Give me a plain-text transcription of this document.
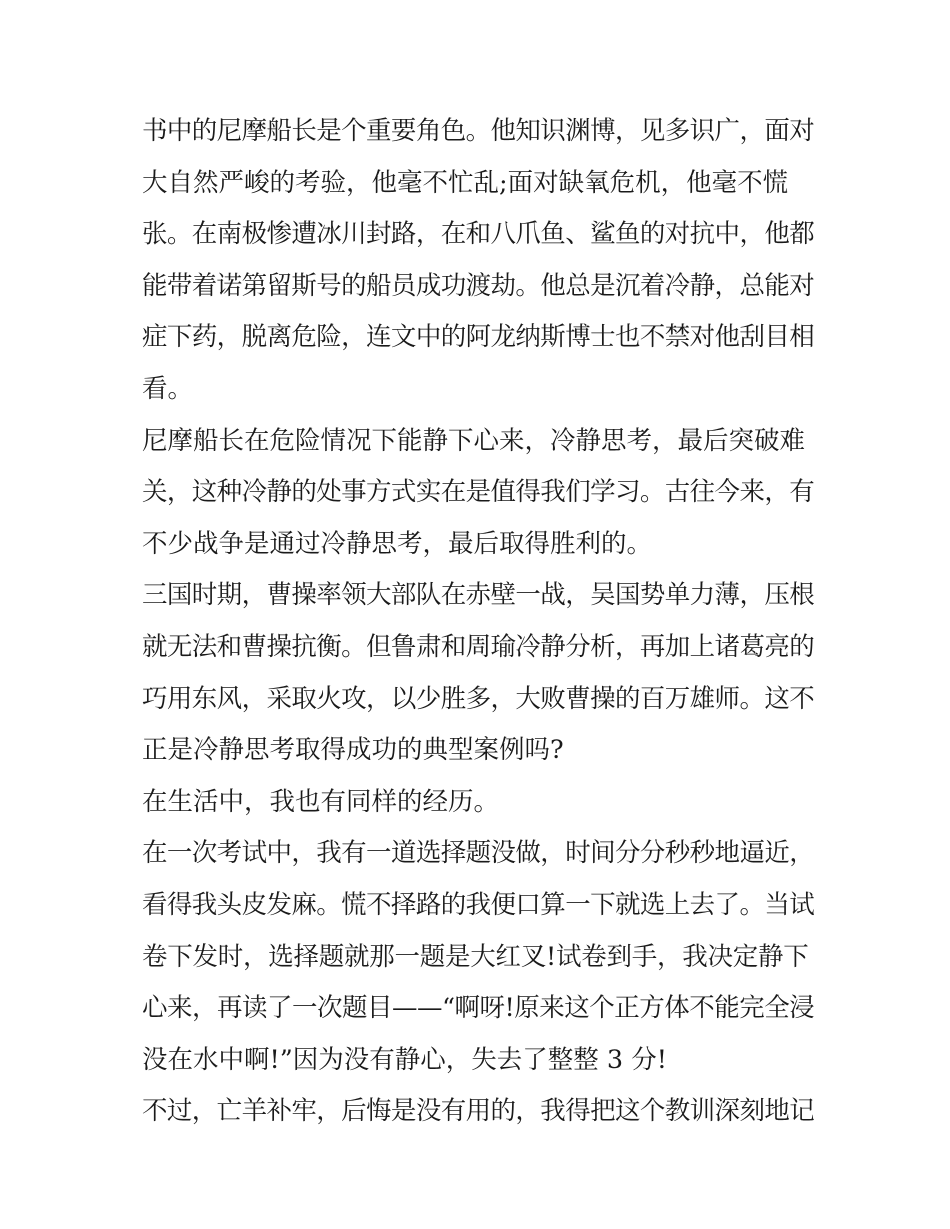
书中的尼摩船长是个重要角色。他知识渊博，见多识广，面对
大自然严峻的考验，他毫不忙乱;面对缺氧危机，他毫不慌
张。在南极惨遭冰川封路，在和八爪鱼、鲨鱼的对抗中，他都
能带着诺第留斯号的船员成功渡劫。他总是沉着冷静，总能对
症下药，脱离危险，连文中的阿龙纳斯博士也不禁对他刮目相
看。
尼摩船长在危险情况下能静下心来，冷静思考，最后突破难
关，这种冷静的处事方式实在是值得我们学习。古往今来，有
不少战争是通过冷静思考，最后取得胜利的。
三国时期，曹操率领大部队在赤壁一战，吴国势单力薄，压根
就无法和曹操抗衡。但鲁肃和周瑜冷静分析，再加上诸葛亮的
巧用东风，采取火攻，以少胜多，大败曹操的百万雄师。这不
正是冷静思考取得成功的典型案例吗?
在生活中，我也有同样的经历。
在一次考试中，我有一道选择题没做，时间分分秒秒地逼近，
看得我头皮发麻。慌不择路的我便口算一下就选上去了。当试
卷下发时，选择题就那一题是大红叉!试卷到手，我决定静下
心来，再读了一次题目——“啊呀!原来这个正方体不能完全浸
没在水中啊!”因为没有静心，失去了整整 3 分!
不过，亡羊补牢，后悔是没有用的，我得把这个教训深刻地记
